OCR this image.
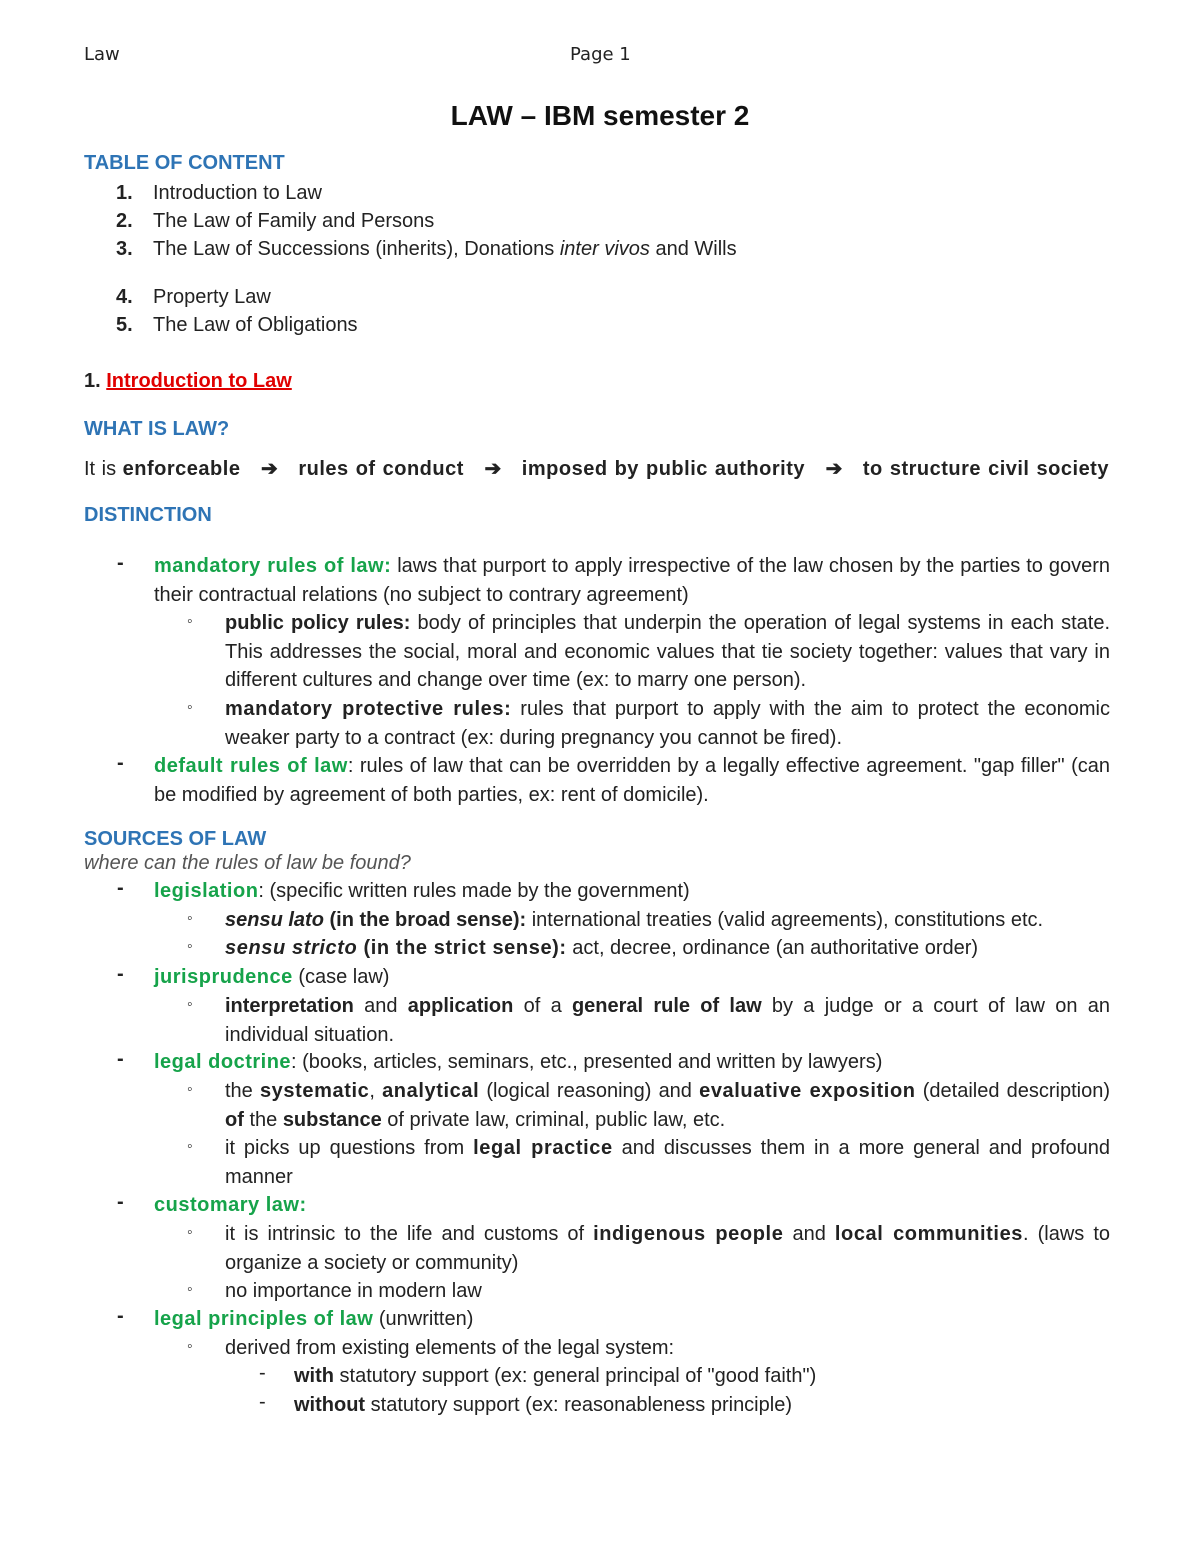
Law	Page 1
LAW – IBM semester 2
TABLE OF CONTENT
1. Introduction to Law
2. The Law of Family and Persons
3. The Law of Successions (inherits), Donations inter vivos and Wills
4. Property Law
5. The Law of Obligations
1. Introduction to Law
WHAT IS LAW?
It is enforceable ➔ rules of conduct ➔ imposed by public authority ➔ to structure civil society
DISTINCTION
- mandatory rules of law: laws that purport to apply irrespective of the law chosen by the parties to govern their contractual relations (no subject to contrary agreement)
◦ public policy rules: body of principles that underpin the operation of legal systems in each state. This addresses the social, moral and economic values that tie society together: values that vary in different cultures and change over time (ex: to marry one person).
◦ mandatory protective rules: rules that purport to apply with the aim to protect the economic weaker party to a contract (ex: during pregnancy you cannot be fired).
- default rules of law: rules of law that can be overridden by a legally effective agreement. "gap filler" (can be modified by agreement of both parties, ex: rent of domicile).
SOURCES OF LAW
where can the rules of law be found?
- legislation: (specific written rules made by the government)
◦ sensu lato (in the broad sense): international treaties (valid agreements), constitutions etc.
◦ sensu stricto (in the strict sense): act, decree, ordinance (an authoritative order)
- jurisprudence (case law)
◦ interpretation and application of a general rule of law by a judge or a court of law on an individual situation.
- legal doctrine: (books, articles, seminars, etc., presented and written by lawyers)
◦ the systematic, analytical (logical reasoning) and evaluative exposition (detailed description) of the substance of private law, criminal, public law, etc.
◦ it picks up questions from legal practice and discusses them in a more general and profound manner
- customary law:
◦ it is intrinsic to the life and customs of indigenous people and local communities. (laws to organize a society or community)
◦ no importance in modern law
- legal principles of law (unwritten)
◦ derived from existing elements of the legal system:
- with statutory support (ex: general principal of "good faith")
- without statutory support (ex: reasonableness principle)
